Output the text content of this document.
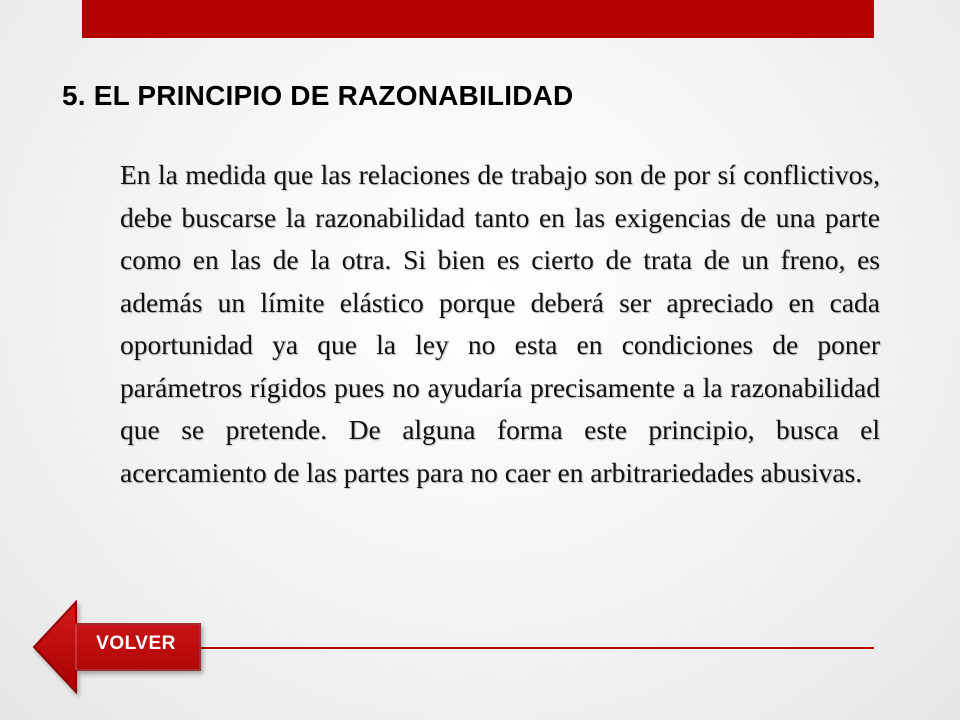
5. EL PRINCIPIO DE RAZONABILIDAD

En la medida que las relaciones de trabajo son de por sí conflictivos, debe buscarse la razonabilidad tanto en las exigencias de una parte como en las de la otra. Si bien es cierto de trata de un freno, es además un límite elástico porque deberá ser apreciado en cada oportunidad ya que la ley no esta en condiciones de poner parámetros rígidos pues no ayudaría precisamente a la razonabilidad que se pretende. De alguna forma este principio, busca el acercamiento de las partes para no caer en arbitrariedades abusivas.

VOLVER
